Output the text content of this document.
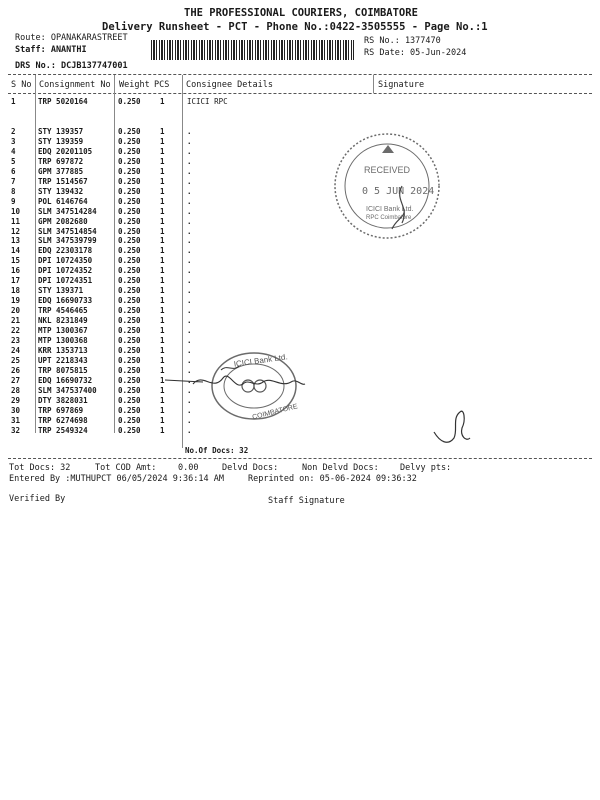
THE PROFESSIONAL COURIERS, COIMBATORE
Delivery Runsheet - PCT - Phone No.:0422-3505555 - Page No.:1
Route: OPANAKARASTREET
Staff: ANANTHI
DRS No.: DCJB137747001
RS No.: 1377470
RS Date: 05-Jun-2024
S No Consignment No Weight PCS Consignee Details	Signature
1	TRP 5020164	0.250	1	ICICI RPC
2	STY 139357	0.250	1	.
3	STY 139359	0.250	1	.
4	EDQ 20201105	0.250	1	.
5	TRP 697872	0.250	1	.
6	GPM 377885	0.250	1	.
7	TRP 1514567	0.250	1	.
8	STY 139432	0.250	1	.
9	POL 6146764	0.250	1	.
10 SLM 347514284	0.250	1	.
11 GPM 2082680	0.250	1	.
12 SLM 347514854	0.250	1	.
13 SLM 347539799	0.250	1	.
14 EDQ 22303178	0.250	1	.
15 DPI 10724350	0.250	1	.
16 DPI 10724352	0.250	1	.
17 DPI 10724351	0.250	1	.
18 STY 139371	0.250	1	.
19 EDQ 16690733	0.250	1	.
20 TRP 4546465	0.250	1	.
21 NKL 8231849	0.250	1	.
22 MTP 1300367	0.250	1	.
23 MTP 1300368	0.250	1	.
24 KRR 1353713	0.250	1	.
25 UPT 2218343	0.250	1	.
26 TRP 8075815	0.250	1	.
27 EDQ 16690732	0.250	1	.
28 SLM 347537400	0.250	1	.
29 DTY 3828031	0.250	1	.
30 TRP 697869	0.250	1	.
31 TRP 6274698	0.250	1	.
32 TRP 2549324	0.250	1	.
No.Of Docs: 32
Tot Docs: 32	Tot COD Amt:	0.00	Delvd Docs:	Non Delvd Docs: Delvy pts:
Entered By :MUTHUPCT 06/05/2024 9:36:14 AM	Reprinted on: 05-06-2024 09:36:32
Verified By	Staff Signature
RECEIVED
0 5 JUN 2024
ICICI Bank Ltd.
RPC Coimbatore
ICICI Bank Ltd.
COIMBATORE
